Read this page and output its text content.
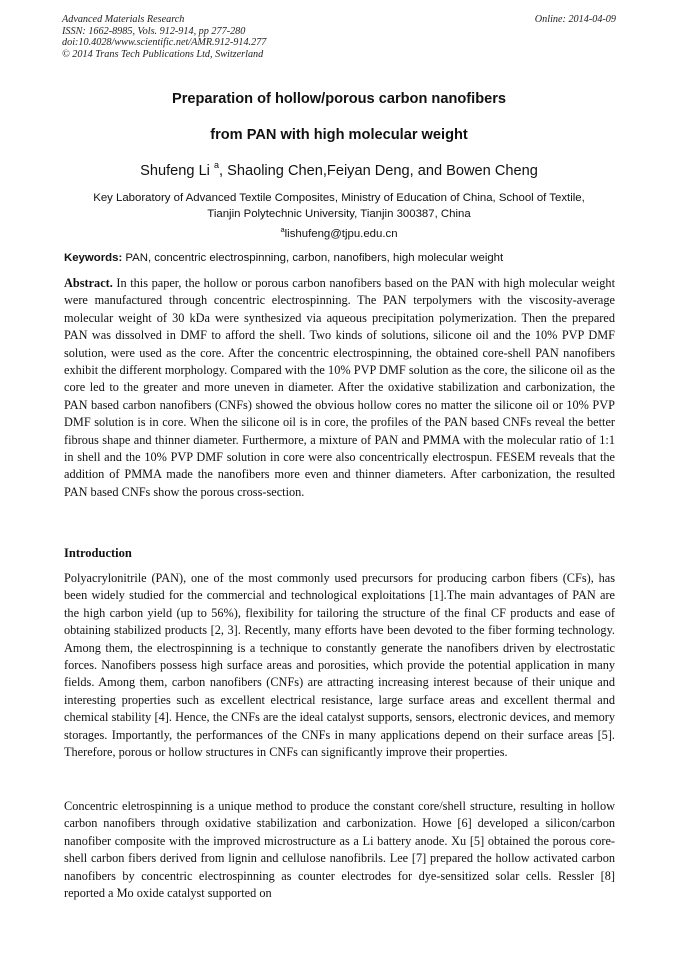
Advanced Materials Research
ISSN: 1662-8985, Vols. 912-914, pp 277-280
doi:10.4028/www.scientific.net/AMR.912-914.277
© 2014 Trans Tech Publications Ltd, Switzerland
Online: 2014-04-09
Preparation of hollow/porous carbon nanofibers
from PAN with high molecular weight
Shufeng Li $^a$, Shaoling Chen,Feiyan Deng, and Bowen Cheng
Key Laboratory of Advanced Textile Composites, Ministry of Education of China, School of Textile,
Tianjin Polytechnic University, Tianjin 300387, China
$^a$lishufeng@tjpu.edu.cn
Keywords: PAN, concentric electrospinning, carbon, nanofibers, high molecular weight
Abstract. In this paper, the hollow or porous carbon nanofibers based on the PAN with high molecular weight were manufactured through concentric electrospinning. The PAN terpolymers with the viscosity-average molecular weight of 30 kDa were synthesized via aqueous precipitation polymerization. Then the prepared PAN was dissolved in DMF to afford the shell. Two kinds of solutions, silicone oil and the 10% PVP DMF solution, were used as the core. After the concentric electrospinning, the obtained core-shell PAN nanofibers exhibit the different morphology. Compared with the 10% PVP DMF solution as the core, the silicone oil as the core led to the greater and more uneven in diameter. After the oxidative stabilization and carbonization, the PAN based carbon nanofibers (CNFs) showed the obvious hollow cores no matter the silicone oil or 10% PVP DMF solution is in core. When the silicone oil is in core, the profiles of the PAN based CNFs reveal the better fibrous shape and thinner diameter. Furthermore, a mixture of PAN and PMMA with the molecular ratio of 1:1 in shell and the 10% PVP DMF solution in core were also concentrically electrospun. FESEM reveals that the addition of PMMA made the nanofibers more even and thinner diameters. After carbonization, the resulted PAN based CNFs show the porous cross-section.
Introduction
Polyacrylonitrile (PAN), one of the most commonly used precursors for producing carbon fibers (CFs), has been widely studied for the commercial and technological exploitations [1].The main advantages of PAN are the high carbon yield (up to 56%), flexibility for tailoring the structure of the final CF products and ease of obtaining stabilized products [2, 3]. Recently, many efforts have been devoted to the fiber forming technology. Among them, the electrospinning is a technique to constantly generate the nanofibers driven by electrostatic forces. Nanofibers possess high surface areas and porosities, which provide the potential application in many fields. Among them, carbon nanofibers (CNFs) are attracting increasing interest because of their unique and interesting properties such as excellent electrical resistance, large surface areas and excellent thermal and chemical stability [4]. Hence, the CNFs are the ideal catalyst supports, sensors, electronic devices, and memory storages. Importantly, the performances of the CNFs in many applications depend on their surface areas [5]. Therefore, porous or hollow structures in CNFs can significantly improve their properties.
Concentric eletrospinning is a unique method to produce the constant core/shell structure, resulting in hollow carbon nanofibers through oxidative stabilization and carbonization. Howe [6] developed a silicon/carbon nanofiber composite with the improved microstructure as a Li battery anode. Xu [5] obtained the porous core-shell carbon fibers derived from lignin and cellulose nanofibrils. Lee [7] prepared the hollow activated carbon nanofibers by concentric electrospinning as counter electrodes for dye-sensitized solar cells. Ressler [8] reported a Mo oxide catalyst supported on
